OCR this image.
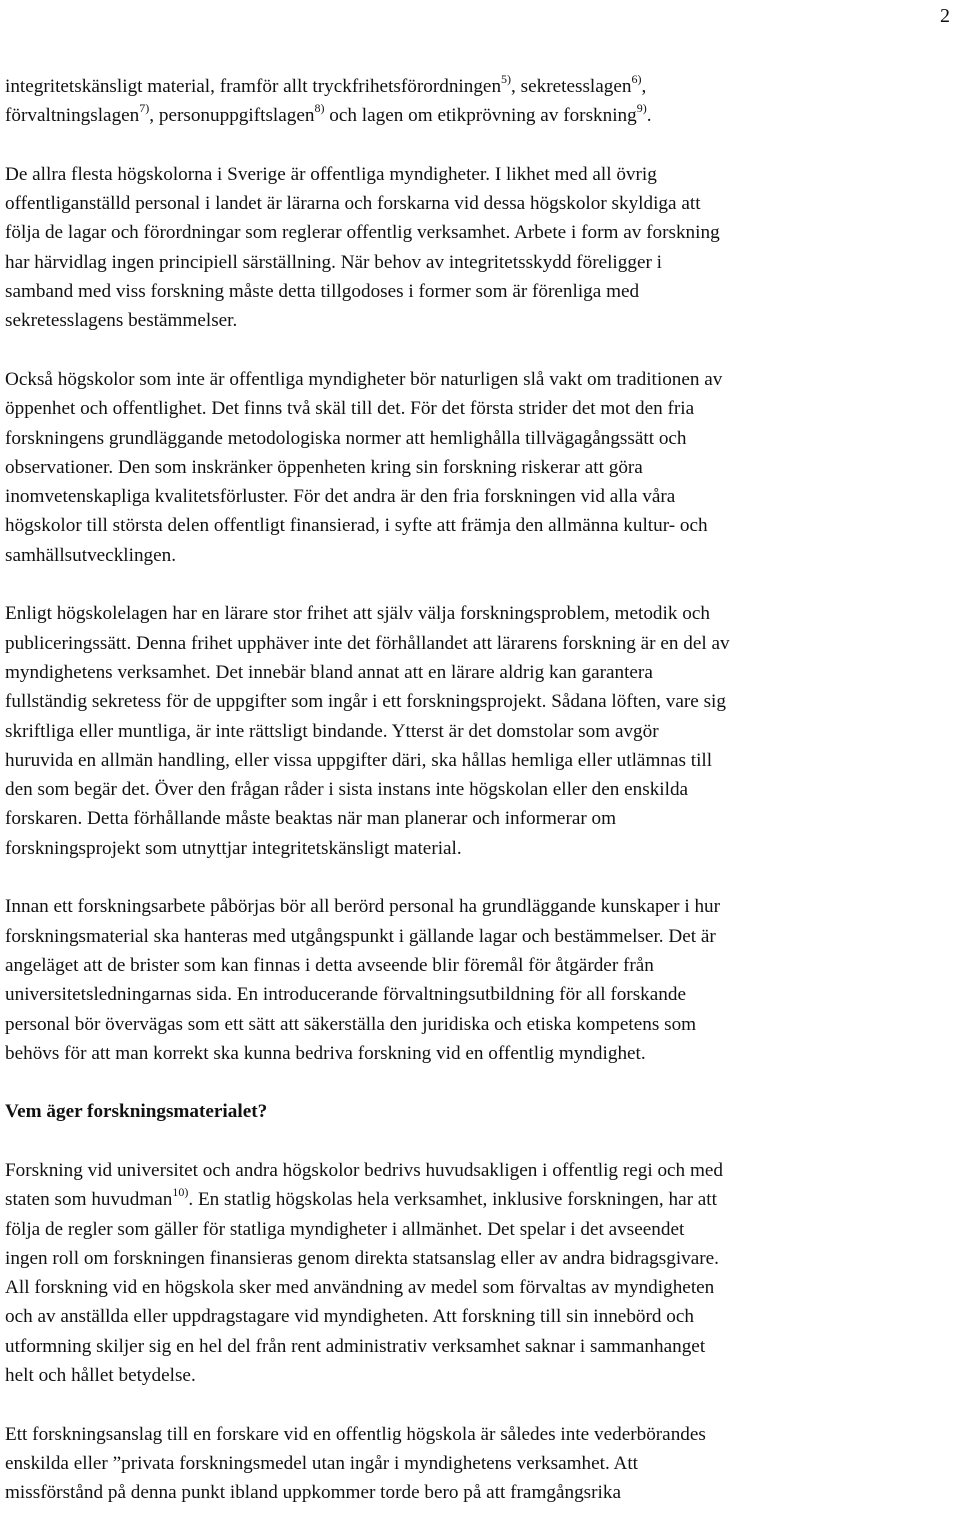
2
integritetskänsligt material, framför allt tryckfrihetsförordningen$^{5)}$, sekretesslagen$^{6)}$,
förvaltningslagen$^{7)}$, personuppgiftslagen$^{8)}$ och lagen om etikprövning av forskning$^{9)}$.
De allra flesta högskolorna i Sverige är offentliga myndigheter. I likhet med all övrig
offentliganställd personal i landet är lärarna och forskarna vid dessa högskolor skyldiga att
följa de lagar och förordningar som reglerar offentlig verksamhet. Arbete i form av forskning
har härvidlag ingen principiell särställning. När behov av integritetsskydd föreligger i
samband med viss forskning måste detta tillgodoses i former som är förenliga med
sekretesslagens bestämmelser.
Också högskolor som inte är offentliga myndigheter bör naturligen slå vakt om traditionen av
öppenhet och offentlighet. Det finns två skäl till det. För det första strider det mot den fria
forskningens grundläggande metodologiska normer att hemlighålla tillvägagångssätt och
observationer. Den som inskränker öppenheten kring sin forskning riskerar att göra
inomvetenskapliga kvalitetsförluster. För det andra är den fria forskningen vid alla våra
högskolor till största delen offentligt finansierad, i syfte att främja den allmänna kultur- och
samhällsutvecklingen.
Enligt högskolelagen har en lärare stor frihet att själv välja forskningsproblem, metodik och
publiceringssätt. Denna frihet upphäver inte det förhållandet att lärarens forskning är en del av
myndighetens verksamhet. Det innebär bland annat att en lärare aldrig kan garantera
fullständig sekretess för de uppgifter som ingår i ett forskningsprojekt. Sådana löften, vare sig
skriftliga eller muntliga, är inte rättsligt bindande. Ytterst är det domstolar som avgör
huruvida en allmän handling, eller vissa uppgifter däri, ska hållas hemliga eller utlämnas till
den som begär det. Över den frågan råder i sista instans inte högskolan eller den enskilda
forskaren. Detta förhållande måste beaktas när man planerar och informerar om
forskningsprojekt som utnyttjar integritetskänsligt material.
Innan ett forskningsarbete påbörjas bör all berörd personal ha grundläggande kunskaper i hur
forskningsmaterial ska hanteras med utgångspunkt i gällande lagar och bestämmelser. Det är
angeläget att de brister som kan finnas i detta avseende blir föremål för åtgärder från
universitetsledningarnas sida. En introducerande förvaltningsutbildning för all forskande
personal bör övervägas som ett sätt att säkerställa den juridiska och etiska kompetens som
behövs för att man korrekt ska kunna bedriva forskning vid en offentlig myndighet.
Vem äger forskningsmaterialet?
Forskning vid universitet och andra högskolor bedrivs huvudsakligen i offentlig regi och med
staten som huvudman$^{10)}$. En statlig högskolas hela verksamhet, inklusive forskningen, har att
följa de regler som gäller för statliga myndigheter i allmänhet. Det spelar i det avseendet
ingen roll om forskningen finansieras genom direkta statsanslag eller av andra bidragsgivare.
All forskning vid en högskola sker med användning av medel som förvaltas av myndigheten
och av anställda eller uppdragstagare vid myndigheten. Att forskning till sin innebörd och
utformning skiljer sig en hel del från rent administrativ verksamhet saknar i sammanhanget
helt och hållet betydelse.
Ett forskningsanslag till en forskare vid en offentlig högskola är således inte vederbörandes
enskilda eller ”privata forskningsmedel utan ingår i myndighetens verksamhet. Att
missförstånd på denna punkt ibland uppkommer torde bero på att framgångsrika
